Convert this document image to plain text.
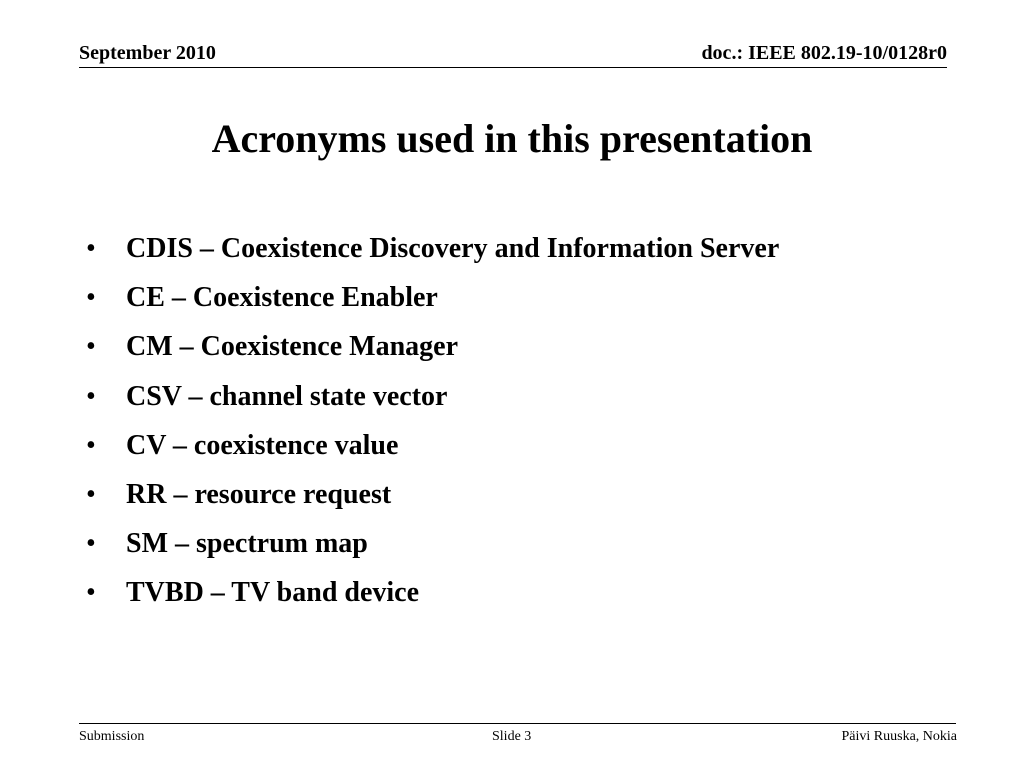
September 2010	doc.: IEEE 802.19-10/0128r0
Acronyms used in this presentation
• CDIS – Coexistence Discovery and Information Server
• CE – Coexistence Enabler
• CM – Coexistence Manager
• CSV – channel state vector
• CV – coexistence value
• RR – resource request
• SM – spectrum map
• TVBD – TV band device
Submission	Slide 3	Päivi Ruuska, Nokia
